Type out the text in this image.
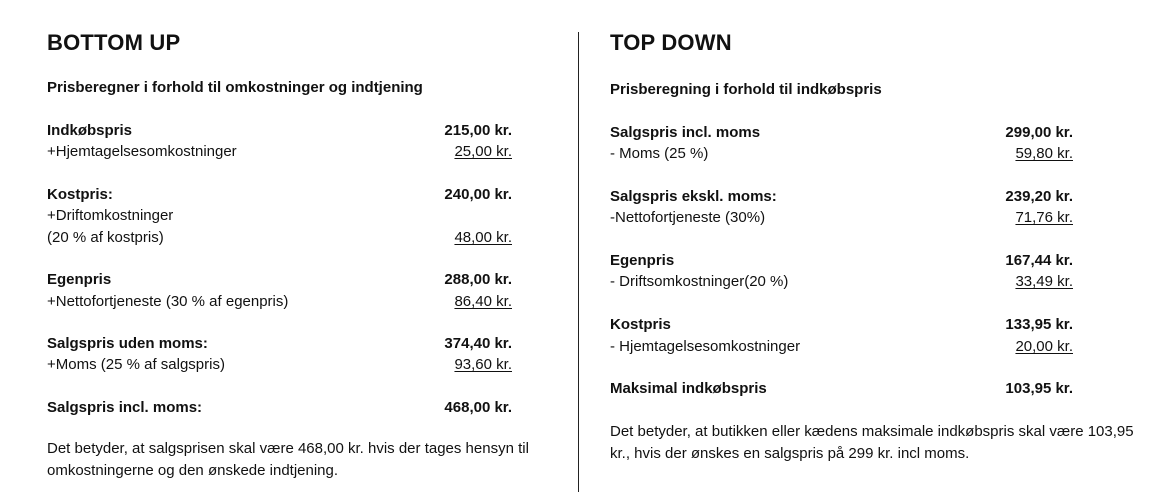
BOTTOM UP
Prisberegner i forhold til omkostninger og indtjening
Indkøbspris	215,00 kr.
+Hjemtagelsesomkostninger	25,00 kr.
Kostpris:	240,00 kr.
+Driftomkostninger
(20 % af kostpris)	48,00 kr.
Egenpris	288,00 kr.
+Nettofortjeneste (30 % af egenpris)	86,40 kr.
Salgspris uden moms:	374,40 kr.
+Moms (25 % af salgspris)	93,60 kr.
Salgspris incl. moms:	468,00 kr.
Det betyder, at salgsprisen skal være 468,00 kr. hvis der tages hensyn til omkostningerne og den ønskede indtjening.
TOP DOWN
Prisberegning i forhold til indkøbspris
Salgspris incl. moms	299,00 kr.
- Moms (25 %)	59,80 kr.
Salgspris ekskl. moms:	239,20 kr.
-Nettofortjeneste (30%)	71,76 kr.
Egenpris	167,44 kr.
- Driftsomkostninger(20 %)	33,49 kr.
Kostpris	133,95 kr.
- Hjemtagelsesomkostninger	20,00 kr.
Maksimal indkøbspris	103,95 kr.
Det betyder, at butikken eller kædens maksimale indkøbspris skal være 103,95 kr., hvis der ønskes en salgspris på 299 kr. incl moms.
